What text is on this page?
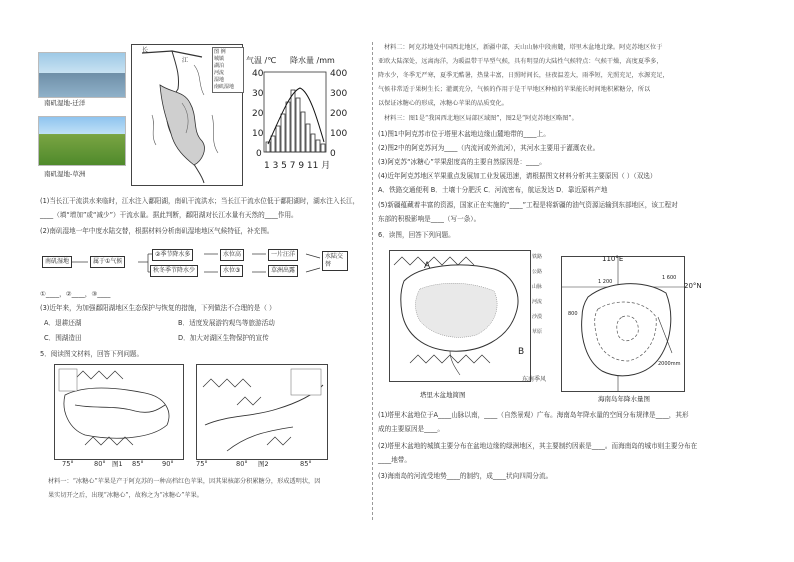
南矶湿地-迁洋
南矶湿地-草洲
长
江
图 例
城镇
湖泊
河流
湿地
南矶湿地
气温 /℃ 降水量 /mm
40
30
20
10
0
400
300
200
100
0
1 3 5 7 9 11 月
(1)当长江干流洪水来临时，江水注入鄱阳湖，南矶干流洪水；当长江干流水位低于鄱阳湖时，湖水注入长江，
____（填“增加”或“减少”）干流水量。据此判断，鄱阳湖对长江水量有天然的____作用。
(2)南矶湿地一年中度水陆交替，根据材料分析南矶湿地地区气候特征，补充图。
南矶湿地	属于①气候
②季节降水多
秋冬季节降水少
水位高
水位③
一片汪洋
草洲出露
水陆交替
①____，②____，③____
(3)近年来，为加强鄱阳湖地区生态保护与恢复的措施，下列做法不合理的是（ ）
A．退耕还湖	B．适度发展游钓观鸟等旅游活动
C．围湖造田	D．加大对湖区生物保护的宣传
5．阅读图文材料，回答下列问题。
图1
75°	80°	85°	90°	图2
75°	80°	85°
材料一：“冰糖心”苹果是产于阿克苏的一种高档红色苹果，因其果核部分积累糖分，形成透明状，因
果实切开之后，出现“冰糖心”，故称之为“冰糖心”苹果。
材料二：阿克苏地处中国西北地区，新疆中部，天山山脉中段南麓，塔里木盆地北缘。阿克苏地区位于
亚欧大陆深处，远离海洋，为暖温带干旱型气候，具有明显的大陆性气候特点：气候干燥，高度夏季多，
降水少，冬季无严寒，夏季无酷暑，热量丰富，日照时间长，昼夜温差大，雨季短，光照充足，水源充足，
气候非常适于果树生长；灌溉充分，气候的作用于是干旱地区种植的苹果能长时间地积累糖分，所以
以保证冰糖心的形成，冰糖心苹果的品质变化。
材料三：图1是“我国西北地区局部区域图”，图2是“阿克苏地区略图”。
(1)图1中阿克苏市位于塔里木盆地边缘山麓地带的____上。
(2)图2中的阿克苏河为____（内流河或外流河），其河水主要用于灌溉农业。
(3)阿克苏“冰糖心”苹果甜度高的主要自然原因是：____。
(4)近年阿克苏地区苹果重点发展加工业发展迅速，请根据图文材料分析其主要原因（ ）（双选）
A．铁路交通便利 B．土壤十分肥沃 C．河流密布，航运发达 D．靠近原料产地
(5)新疆蕴藏着丰富的资源，国家正在实施的“____”工程是将新疆的油气资源运输到东部地区，该工程对
东部的积极影响是____（写一条）。
6．读图，回答下列问题。
A
B
铁路
公路
山脉
河流
沙漠
草原
塔里木盆地简图
东南季风
110°E
20°N
1 600
1 200
800
2000mm
海南岛年降水量图
(1)塔里木盆地位于A____山脉以南，____（自然景观）广布。海南岛年降水量的空间分布规律是____，其形
成的主要原因是____。
(2)塔里木盆地的城镇主要分布在盆地边缘的绿洲地区，其主要制约因素是____。而海南岛的城市则主要分布在
____地带。
(3)海南岛的河流受地势____的制约，成____状向四周分流。
